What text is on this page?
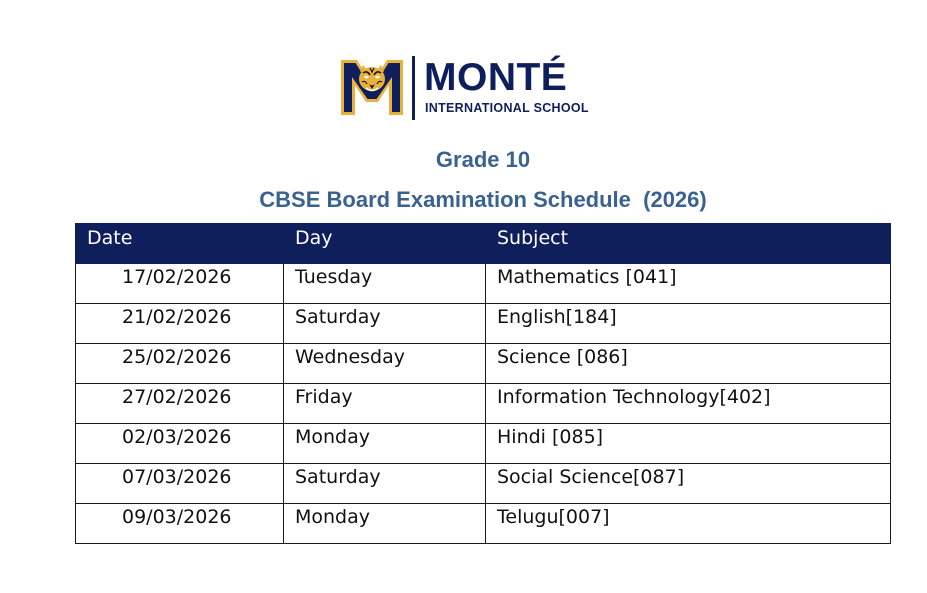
MONTÉ
INTERNATIONAL SCHOOL
Grade 10
CBSE Board Examination Schedule  (2026)
Date	Day	Subject
17/02/2026	Tuesday	Mathematics [041]
21/02/2026	Saturday	English[184]
25/02/2026	Wednesday	Science [086]
27/02/2026	Friday	Information Technology[402]
02/03/2026	Monday	Hindi [085]
07/03/2026	Saturday	Social Science[087]
09/03/2026	Monday	Telugu[007]
